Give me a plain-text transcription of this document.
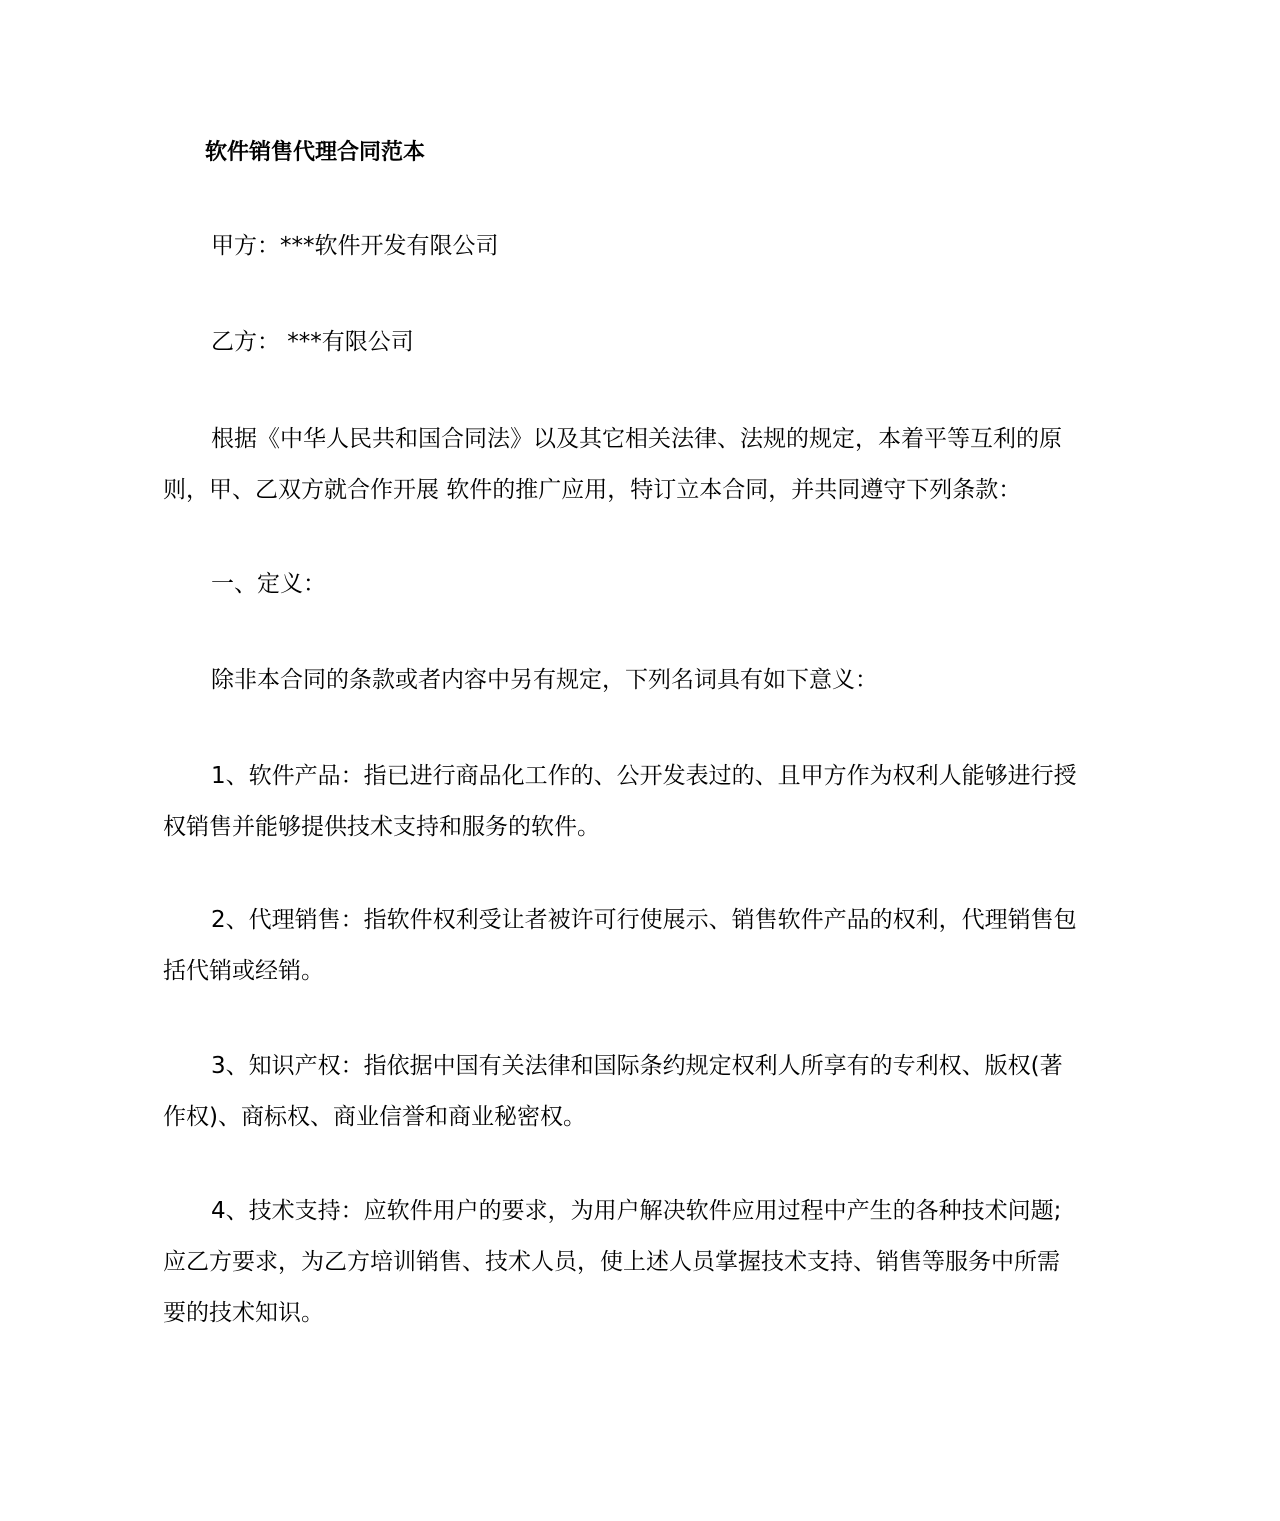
软件销售代理合同范本
甲方：***软件开发有限公司
乙方： ***有限公司
根据《中华人民共和国合同法》以及其它相关法律、法规的规定，本着平等互利的原
则，甲、乙双方就合作开展 软件的推广应用，特订立本合同，并共同遵守下列条款：
一、定义：
除非本合同的条款或者内容中另有规定，下列名词具有如下意义：
1、软件产品：指已进行商品化工作的、公开发表过的、且甲方作为权利人能够进行授
权销售并能够提供技术支持和服务的软件。
2、代理销售：指软件权利受让者被许可行使展示、销售软件产品的权利，代理销售包
括代销或经销。
3、知识产权：指依据中国有关法律和国际条约规定权利人所享有的专利权、版权(著
作权)、商标权、商业信誉和商业秘密权。
4、技术支持：应软件用户的要求，为用户解决软件应用过程中产生的各种技术问题;
应乙方要求，为乙方培训销售、技术人员，使上述人员掌握技术支持、销售等服务中所需
要的技术知识。
